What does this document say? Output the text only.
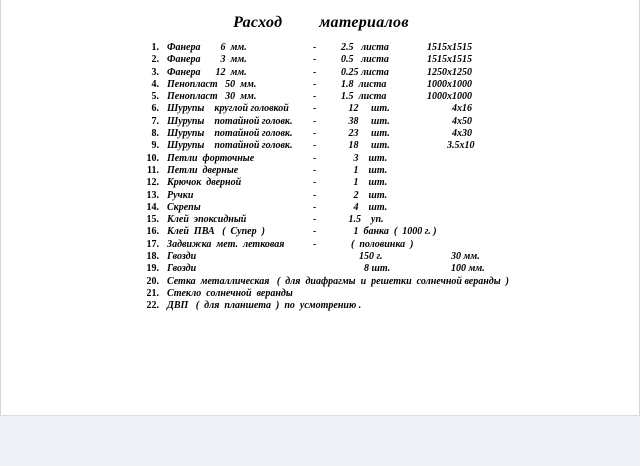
Расход   материалов
1. Фанера        6  мм.	- 2.5   листа	1515х1515
2. Фанера        3  мм.	- 0.5   листа	1515х1515
3. Фанера      12  мм.	- 0.25 листа	1250х1250
4. Пенопласт   50  мм.	- 1.8  листа	1000х1000
5. Пенопласт   30  мм.	- 1.5  листа	1000х1000
6. Шурупы    круглой головкой - 12     шт.	4х16
7. Шурупы    потайной головк. - 38     шт.	4х50
8. Шурупы    потайной головк. - 23     шт.	4х30
9. Шурупы    потайной головк. - 18     шт.	3.5х10
10. Петли  форточные	- 3    шт.
11. Петли  дверные	- 1    шт.
12. Крючок  дверной	- 1    шт.
13. Ручки	- 2    шт.
14. Скрепы	- 4    шт.
15. Клей  эпоксидный	- 1.5    уп.
16. Клей  ПВА   (  Супер  )	- 1  банка  (  1000 г. )
17. Задвижка  мет.  летковая	- (  половинка  )
18. Гвозди	150 г.	30 мм.
19. Гвозди	8 шт.	100 мм.
20. Сетка  металлическая   (  для  диафрагмы  и  решетки  солнечной веранды  )
21. Стекло  солнечной  веранды
22. ДВП   (  для  планшета  )  по  усмотрению .
